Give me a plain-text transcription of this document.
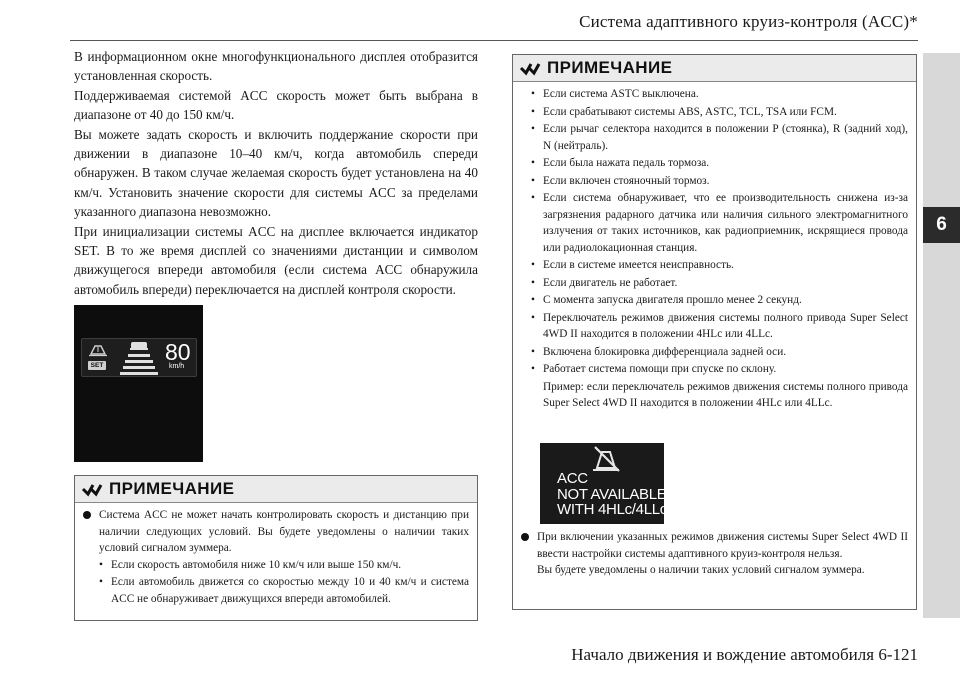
Система адаптивного круиз-контроля (ACC)*
6

В информационном окне многофункционального дисплея отобразится установленная скорость.

Поддерживаемая системой ACC скорость может быть выбрана в диапазоне от 40 до 150 км/ч.

Вы можете задать скорость и включить поддержание скорости при движении в диапазоне 10–40 км/ч, когда автомобиль спереди обнаружен. В таком случае желаемая скорость будет установлена на 40 км/ч. Установить значение скорости для системы ACC за пределами указанного диапазона невозможно.

При инициализации системы ACC на дисплее включается индикатор SET. В то же время дисплей со значениями дистанции и символом движущегося впереди автомобиля (если система ACC обнаружила автомобиль впереди) переключается на дисплей контроля скорости.

SET
80
km/h
ПРИМЕЧАНИЕ
Система ACC не может начать контролировать скорость и дистанцию при наличии следующих условий. Вы будете уведомлены о наличии таких условий сигналом зуммера.
• Если скорость автомобиля ниже 10 км/ч или выше 150 км/ч.
• Если автомобиль движется со скоростью между 10 и 40 км/ч и система ACC не обнаруживает движущихся впереди автомобилей.
ПРИМЕЧАНИЕ
• Если система ASTC выключена.
• Если срабатывают системы ABS, ASTC, TCL, TSA или FCM.
• Если рычаг селектора находится в положении P (стоянка), R (задний ход), N (нейтраль).
• Если была нажата педаль тормоза.
• Если включен стояночный тормоз.
• Если система обнаруживает, что ее производительность снижена из-за загрязнения радарного датчика или наличия сильного электромагнитного излучения от таких источников, как радиоприемник, искрящиеся провода или радиолокационная станция.
• Если в системе имеется неисправность.
• Если двигатель не работает.
• С момента запуска двигателя прошло менее 2 секунд.
• Переключатель режимов движения системы полного привода Super Select 4WD II находится в положении 4HLc или 4LLc.
• Включена блокировка дифференциала задней оси.
• Работает система помощи при спуске по склону.
Пример: если переключатель режимов движения системы полного привода Super Select 4WD II находится в положении 4HLc или 4LLc.
При включении указанных режимов движения системы Super Select 4WD II ввести настройки системы адаптивного круиз-контроля нельзя.
Вы будете уведомлены о наличии таких условий сигналом зуммера.
ACC
NOT AVAILABLE
WITH 4HLc/4LLc
Начало движения и вождение автомобиля 6-121
